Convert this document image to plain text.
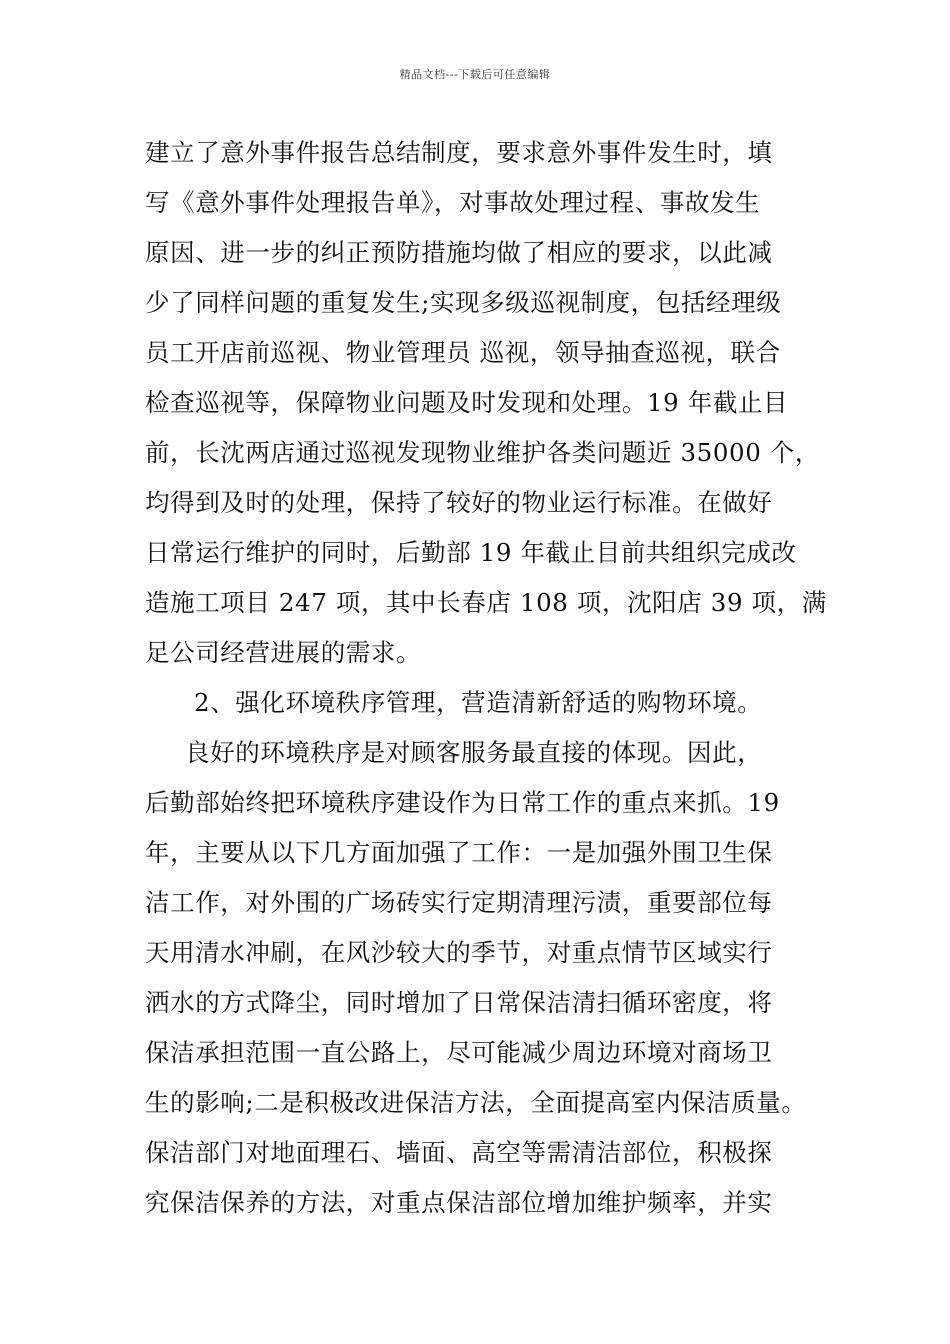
精品文档---下载后可任意编辑
建立了意外事件报告总结制度，要求意外事件发生时，填
写《意外事件处理报告单》，对事故处理过程、事故发生
原因、进一步的纠正预防措施均做了相应的要求，以此减
少了同样问题的重复发生;实现多级巡视制度，包括经理级
员工开店前巡视、物业管理员 巡视，领导抽查巡视，联合
检查巡视等，保障物业问题及时发现和处理。19 年截止目
前，长沈两店通过巡视发现物业维护各类问题近 35000 个，
均得到及时的处理，保持了较好的物业运行标准。在做好
日常运行维护的同时，后勤部 19 年截止目前共组织完成改
造施工项目 247 项，其中长春店 108 项，沈阳店 39 项，满
足公司经营进展的需求。
2、强化环境秩序管理，营造清新舒适的购物环境。
良好的环境秩序是对顾客服务最直接的体现。因此，
后勤部始终把环境秩序建设作为日常工作的重点来抓。19
年，主要从以下几方面加强了工作：一是加强外围卫生保
洁工作，对外围的广场砖实行定期清理污渍，重要部位每
天用清水冲刷，在风沙较大的季节，对重点情节区域实行
洒水的方式降尘，同时增加了日常保洁清扫循环密度，将
保洁承担范围一直公路上，尽可能减少周边环境对商场卫
生的影响;二是积极改进保洁方法，全面提高室内保洁质量。
保洁部门对地面理石、墙面、高空等需清洁部位，积极探
究保洁保养的方法，对重点保洁部位增加维护频率，并实
